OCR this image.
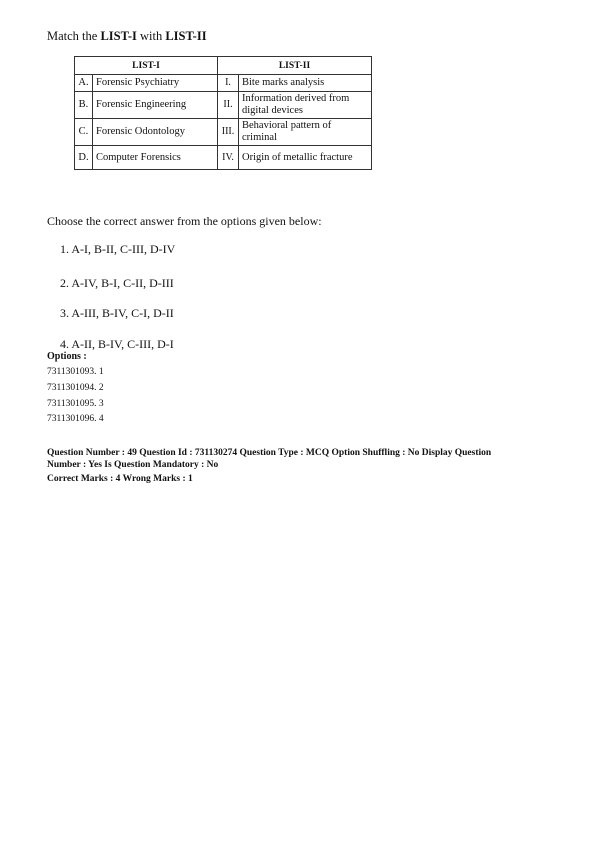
Match the LIST-I with LIST-II
LIST-I		LIST-II	
A.	Forensic Psychiatry	I.	Bite marks analysis
B.	Forensic Engineering	II.	Information derived from digital devices
C.	Forensic Odontology	III.	Behavioral pattern of criminal
D.	Computer Forensics	IV.	Origin of metallic fracture
Choose the correct answer from the options given below:
1. A-I, B-II, C-III, D-IV
2. A-IV, B-I, C-II, D-III
3. A-III, B-IV, C-I, D-II
4. A-II, B-IV, C-III, D-I
Options :
7311301093. 1
7311301094. 2
7311301095. 3
7311301096. 4
Question Number : 49 Question Id : 731130274 Question Type : MCQ Option Shuffling : No Display Question
Number : Yes Is Question Mandatory : No
Correct Marks : 4 Wrong Marks : 1
